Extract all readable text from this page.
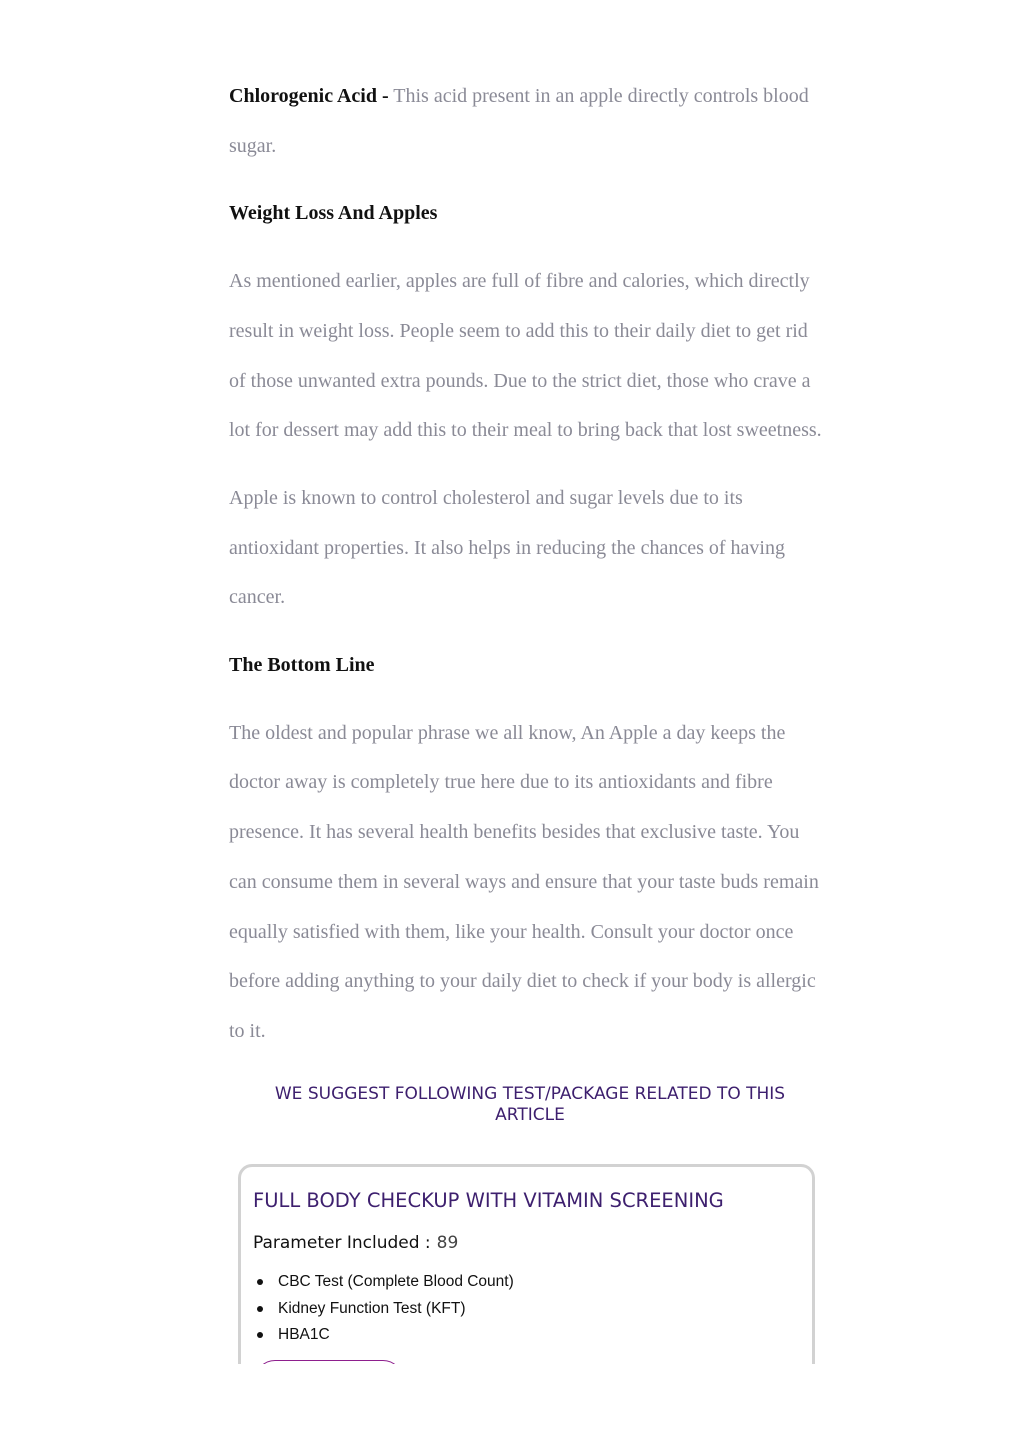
Chlorogenic Acid - This acid present in an apple directly controls blood sugar.

Weight Loss And Apples

As mentioned earlier, apples are full of fibre and calories, which directly result in weight loss. People seem to add this to their daily diet to get rid of those unwanted extra pounds. Due to the strict diet, those who crave a lot for dessert may add this to their meal to bring back that lost sweetness.

Apple is known to control cholesterol and sugar levels due to its antioxidant properties. It also helps in reducing the chances of having cancer.

The Bottom Line

The oldest and popular phrase we all know, An Apple a day keeps the doctor away is completely true here due to its antioxidants and fibre presence. It has several health benefits besides that exclusive taste. You can consume them in several ways and ensure that your taste buds remain equally satisfied with them, like your health. Consult your doctor once before adding anything to your daily diet to check if your body is allergic to it.

WE SUGGEST FOLLOWING TEST/PACKAGE RELATED TO THIS ARTICLE
FULL BODY CHECKUP WITH VITAMIN SCREENING
Parameter Included : 89
CBC Test (Complete Blood Count)
Kidney Function Test (KFT)
HBA1C
